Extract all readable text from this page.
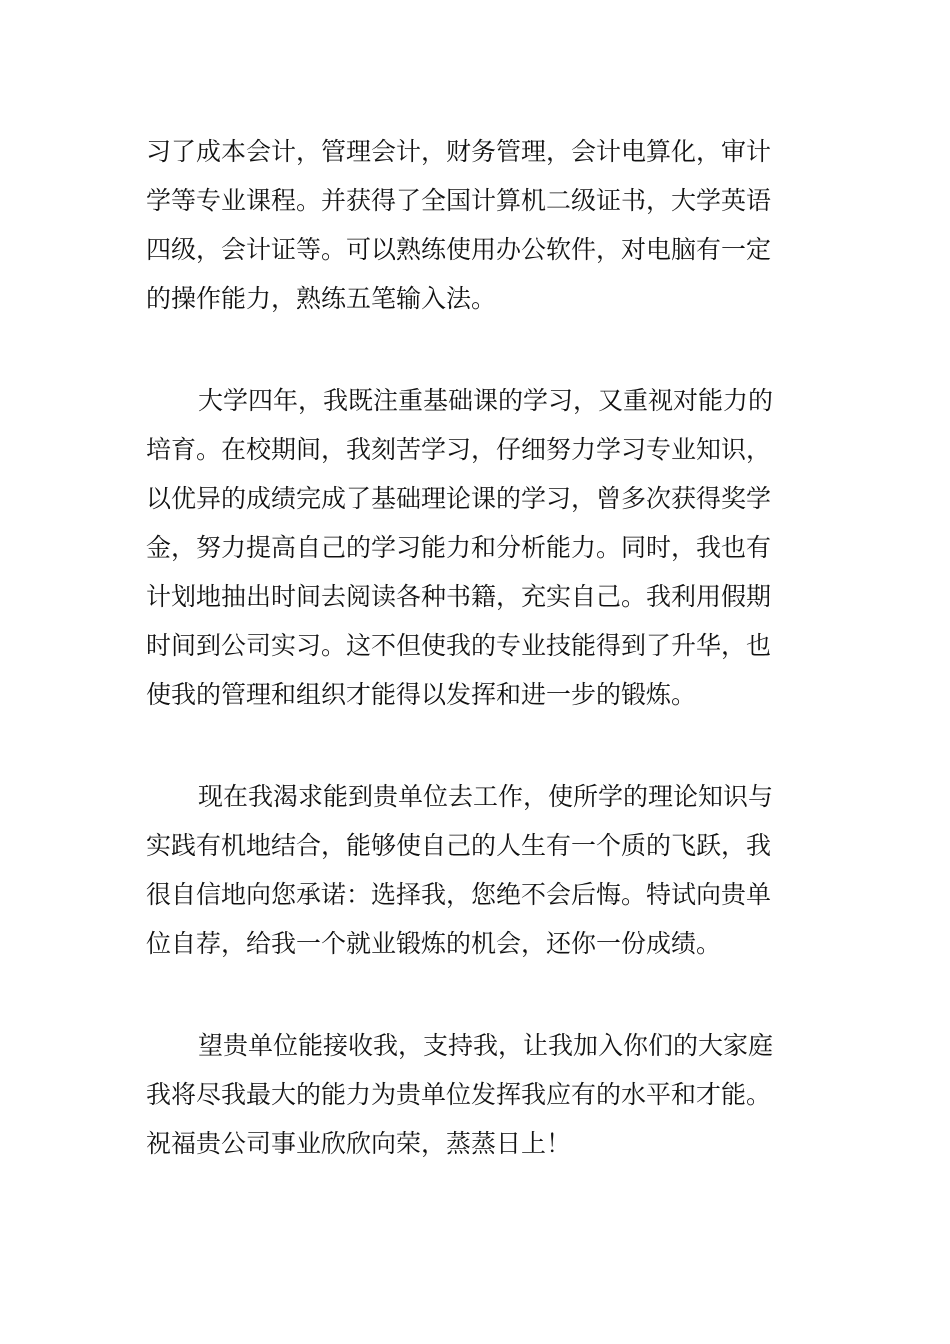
习了成本会计，管理会计，财务管理，会计电算化，审计
学等专业课程。并获得了全国计算机二级证书，大学英语
四级，会计证等。可以熟练使用办公软件，对电脑有一定
的操作能力，熟练五笔输入法。
大学四年，我既注重基础课的学习，又重视对能力的
培育。在校期间，我刻苦学习，仔细努力学习专业知识，
以优异的成绩完成了基础理论课的学习，曾多次获得奖学
金，努力提高自己的学习能力和分析能力。同时，我也有
计划地抽出时间去阅读各种书籍，充实自己。我利用假期
时间到公司实习。这不但使我的专业技能得到了升华，也
使我的管理和组织才能得以发挥和进一步的锻炼。
现在我渴求能到贵单位去工作，使所学的理论知识与
实践有机地结合，能够使自己的人生有一个质的飞跃，我
很自信地向您承诺：选择我，您绝不会后悔。特试向贵单
位自荐，给我一个就业锻炼的机会，还你一份成绩。
望贵单位能接收我，支持我，让我加入你们的大家庭
我将尽我最大的能力为贵单位发挥我应有的水平和才能。
祝福贵公司事业欣欣向荣，蒸蒸日上！
